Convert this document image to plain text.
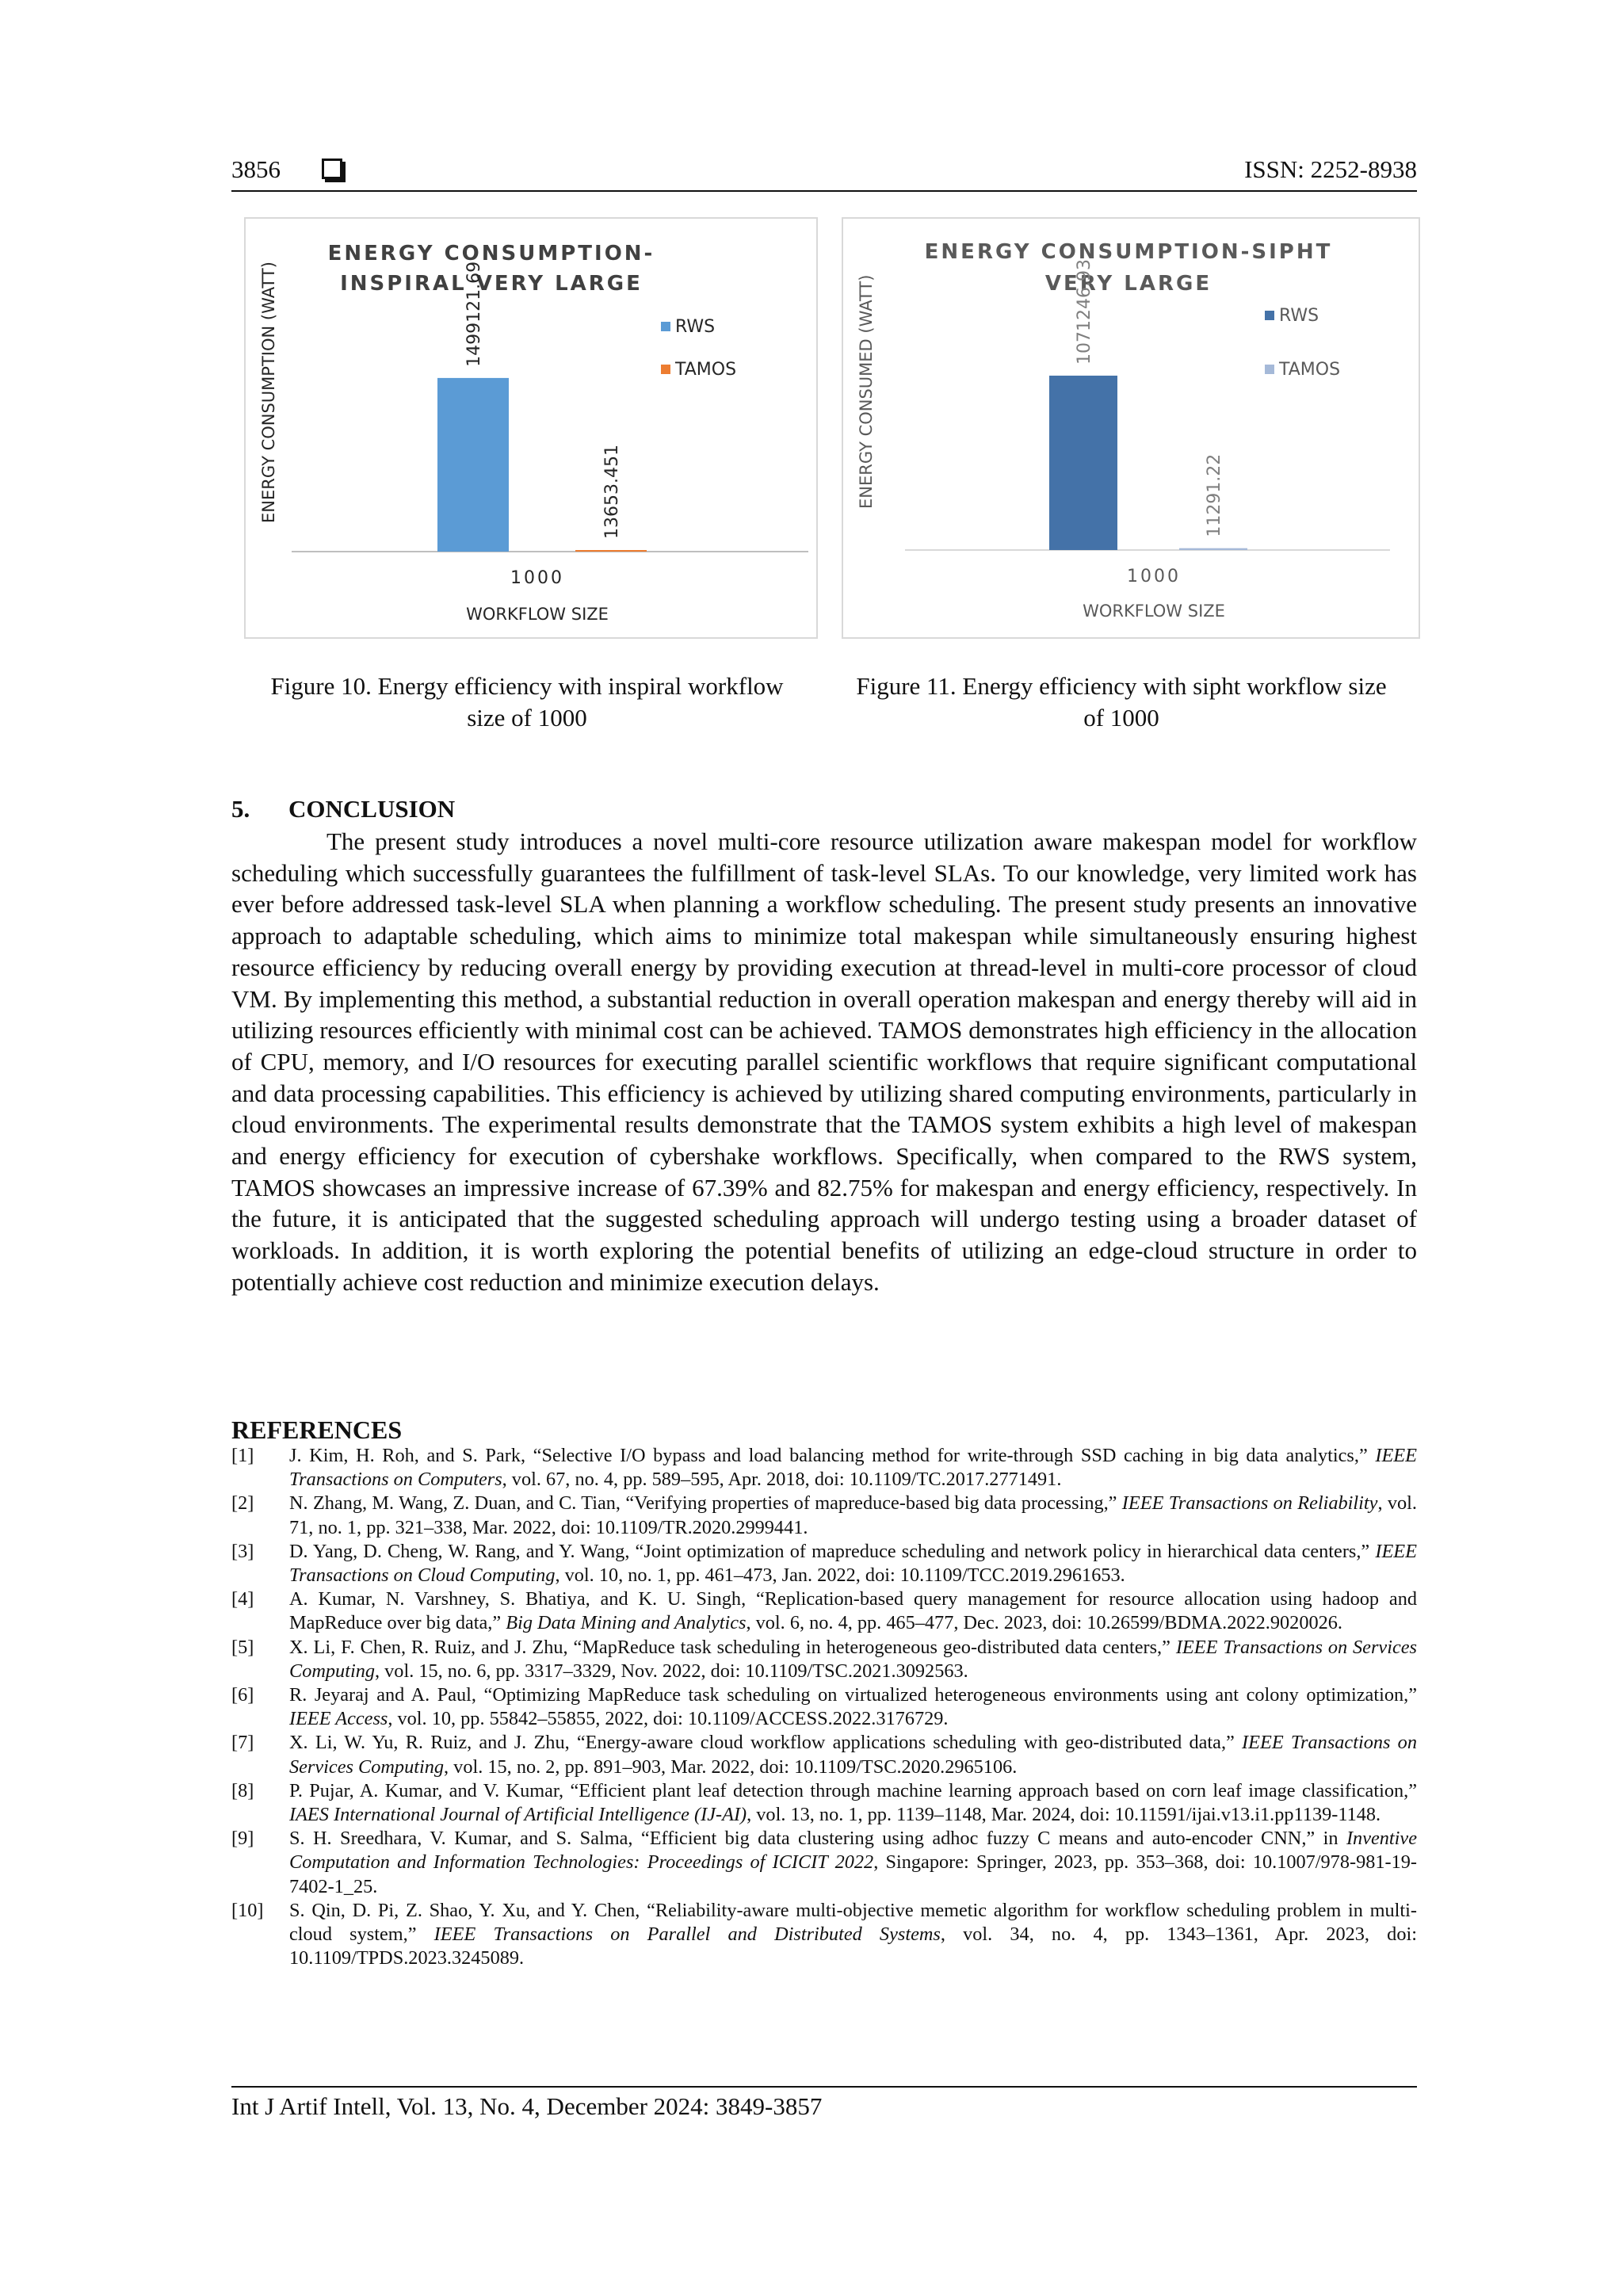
3856	ISSN: 2252-8938
ENERGY CONSUMPTION-
INSPIRAL VERY LARGE
ENERGY CONSUMPTION (WATT)	1499121.69
13653.451
RWS
TAMOS
1000
WORKFLOW SIZE
ENERGY CONSUMPTION-SIPHT
VERY LARGE
ENERGY CONSUMED (WATT)	1071246.93
11291.22
RWS
TAMOS
1000
WORKFLOW SIZE
Figure 10. Energy efficiency with inspiral workflow size of 1000
Figure 11. Energy efficiency with sipht workflow size of 1000
5. CONCLUSION

The present study introduces a novel multi-core resource utilization aware makespan model for workflow scheduling which successfully guarantees the fulfillment of task-level SLAs. To our knowledge, very limited work has ever before addressed task-level SLA when planning a workflow scheduling. The present study presents an innovative approach to adaptable scheduling, which aims to minimize total makespan while simultaneously ensuring highest resource efficiency by reducing overall energy by providing execution at thread-level in multi-core processor of cloud VM. By implementing this method, a substantial reduction in overall operation makespan and energy thereby will aid in utilizing resources efficiently with minimal cost can be achieved. TAMOS demonstrates high efficiency in the allocation of CPU, memory, and I/O resources for executing parallel scientific workflows that require significant computational and data processing capabilities. This efficiency is achieved by utilizing shared computing environments, particularly in cloud environments. The experimental results demonstrate that the TAMOS system exhibits a high level of makespan and energy efficiency for execution of cybershake workflows. Specifically, when compared to the RWS system, TAMOS showcases an impressive increase of 67.39% and 82.75% for makespan and energy efficiency, respectively. In the future, it is anticipated that the suggested scheduling approach will undergo testing using a broader dataset of workloads. In addition, it is worth exploring the potential benefits of utilizing an edge-cloud structure in order to potentially achieve cost reduction and minimize execution delays.

REFERENCES
[1] J. Kim, H. Roh, and S. Park, “Selective I/O bypass and load balancing method for write-through SSD caching in big data analytics,” IEEE Transactions on Computers, vol. 67, no. 4, pp. 589–595, Apr. 2018, doi: 10.1109/TC.2017.2771491.
[2] N. Zhang, M. Wang, Z. Duan, and C. Tian, “Verifying properties of mapreduce-based big data processing,” IEEE Transactions on Reliability, vol. 71, no. 1, pp. 321–338, Mar. 2022, doi: 10.1109/TR.2020.2999441.
[3] D. Yang, D. Cheng, W. Rang, and Y. Wang, “Joint optimization of mapreduce scheduling and network policy in hierarchical data centers,” IEEE Transactions on Cloud Computing, vol. 10, no. 1, pp. 461–473, Jan. 2022, doi: 10.1109/TCC.2019.2961653.
[4] A. Kumar, N. Varshney, S. Bhatiya, and K. U. Singh, “Replication-based query management for resource allocation using hadoop and MapReduce over big data,” Big Data Mining and Analytics, vol. 6, no. 4, pp. 465–477, Dec. 2023, doi: 10.26599/BDMA.2022.9020026.
[5] X. Li, F. Chen, R. Ruiz, and J. Zhu, “MapReduce task scheduling in heterogeneous geo-distributed data centers,” IEEE Transactions on Services Computing, vol. 15, no. 6, pp. 3317–3329, Nov. 2022, doi: 10.1109/TSC.2021.3092563.
[6] R. Jeyaraj and A. Paul, “Optimizing MapReduce task scheduling on virtualized heterogeneous environments using ant colony optimization,” IEEE Access, vol. 10, pp. 55842–55855, 2022, doi: 10.1109/ACCESS.2022.3176729.
[7] X. Li, W. Yu, R. Ruiz, and J. Zhu, “Energy-aware cloud workflow applications scheduling with geo-distributed data,” IEEE Transactions on Services Computing, vol. 15, no. 2, pp. 891–903, Mar. 2022, doi: 10.1109/TSC.2020.2965106.
[8] P. Pujar, A. Kumar, and V. Kumar, “Efficient plant leaf detection through machine learning approach based on corn leaf image classification,” IAES International Journal of Artificial Intelligence (IJ-AI), vol. 13, no. 1, pp. 1139–1148, Mar. 2024, doi: 10.11591/ijai.v13.i1.pp1139-1148.
[9] S. H. Sreedhara, V. Kumar, and S. Salma, “Efficient big data clustering using adhoc fuzzy C means and auto-encoder CNN,” in Inventive Computation and Information Technologies: Proceedings of ICICIT 2022, Singapore: Springer, 2023, pp. 353–368, doi: 10.1007/978-981-19-7402-1_25.
[10] S. Qin, D. Pi, Z. Shao, Y. Xu, and Y. Chen, “Reliability-aware multi-objective memetic algorithm for workflow scheduling problem in multi-cloud system,” IEEE Transactions on Parallel and Distributed Systems, vol. 34, no. 4, pp. 1343–1361, Apr. 2023, doi: 10.1109/TPDS.2023.3245089.
Int J Artif Intell, Vol. 13, No. 4, December 2024: 3849-3857
